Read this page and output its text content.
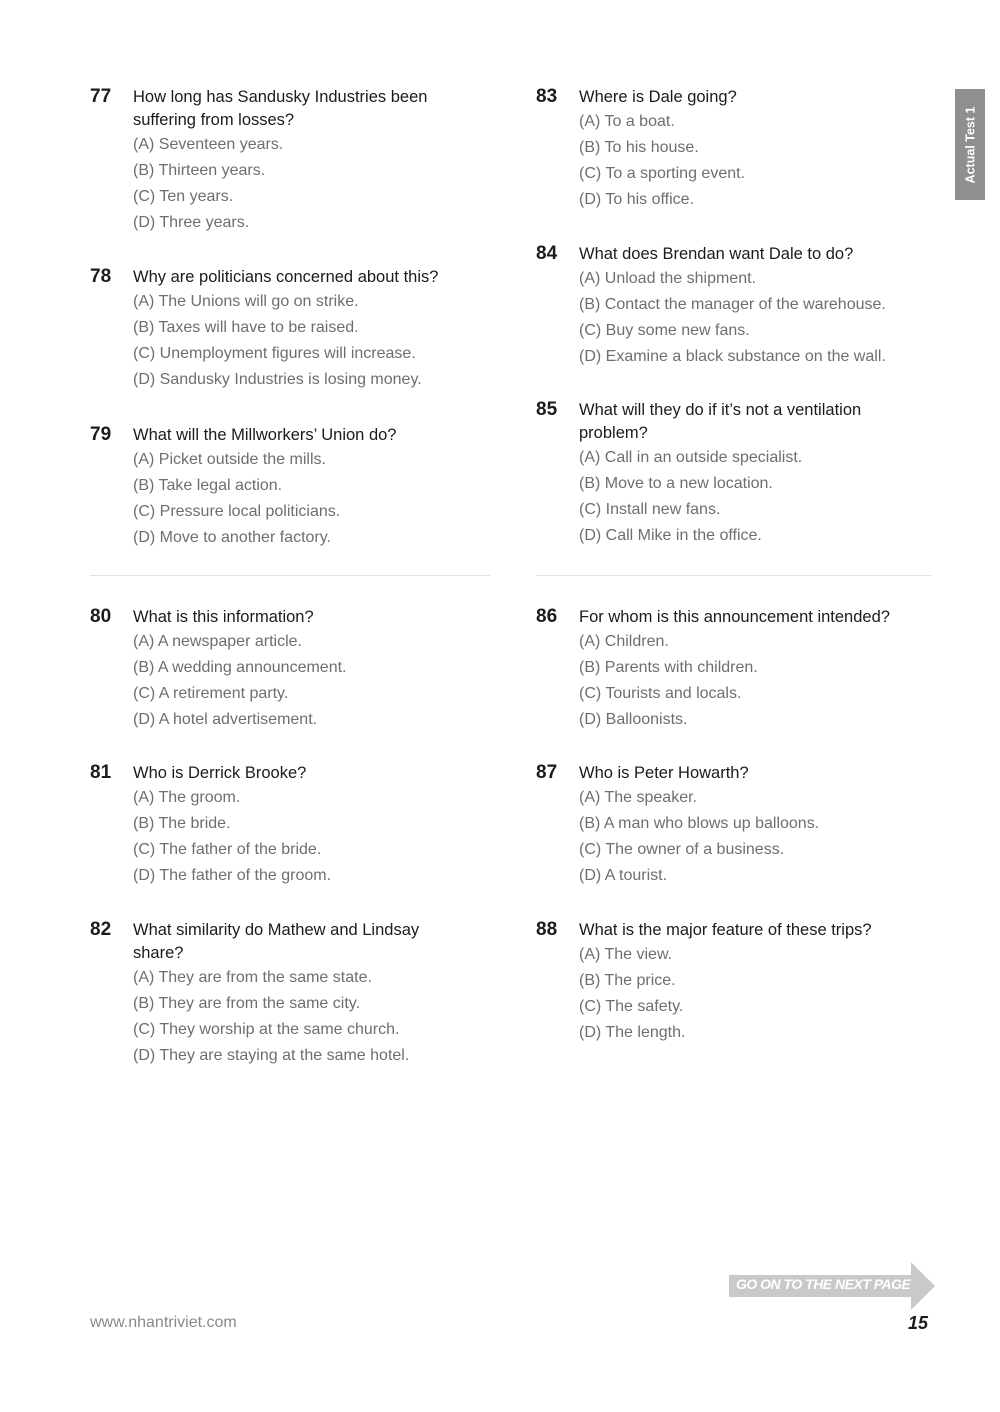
Actual Test 1
77 How long has Sandusky Industries been suffering from losses?
(A) Seventeen years.
(B) Thirteen years.
(C) Ten years.
(D) Three years.
78 Why are politicians concerned about this?
(A) The Unions will go on strike.
(B) Taxes will have to be raised.
(C) Unemployment figures will increase.
(D) Sandusky Industries is losing money.
79 What will the Millworkers’ Union do?
(A) Picket outside the mills.
(B) Take legal action.
(C) Pressure local politicians.
(D) Move to another factory.
83 Where is Dale going?
(A) To a boat.
(B) To his house.
(C) To a sporting event.
(D) To his office.
84 What does Brendan want Dale to do?
(A) Unload the shipment.
(B) Contact the manager of the warehouse.
(C) Buy some new fans.
(D) Examine a black substance on the wall.
85 What will they do if it’s not a ventilation problem?
(A) Call in an outside specialist.
(B) Move to a new location.
(C) Install new fans.
(D) Call Mike in the office.
80 What is this information?
(A) A newspaper article.
(B) A wedding announcement.
(C) A retirement party.
(D) A hotel advertisement.
81 Who is Derrick Brooke?
(A) The groom.
(B) The bride.
(C) The father of the bride.
(D) The father of the groom.
82 What similarity do Mathew and Lindsay share?
(A) They are from the same state.
(B) They are from the same city.
(C) They worship at the same church.
(D) They are staying at the same hotel.
86 For whom is this announcement intended?
(A) Children.
(B) Parents with children.
(C) Tourists and locals.
(D) Balloonists.
87 Who is Peter Howarth?
(A) The speaker.
(B) A man who blows up balloons.
(C) The owner of a business.
(D) A tourist.
88 What is the major feature of these trips?
(A) The view.
(B) The price.
(C) The safety.
(D) The length.
GO ON TO THE NEXT PAGE
www.nhantriviet.com	15
